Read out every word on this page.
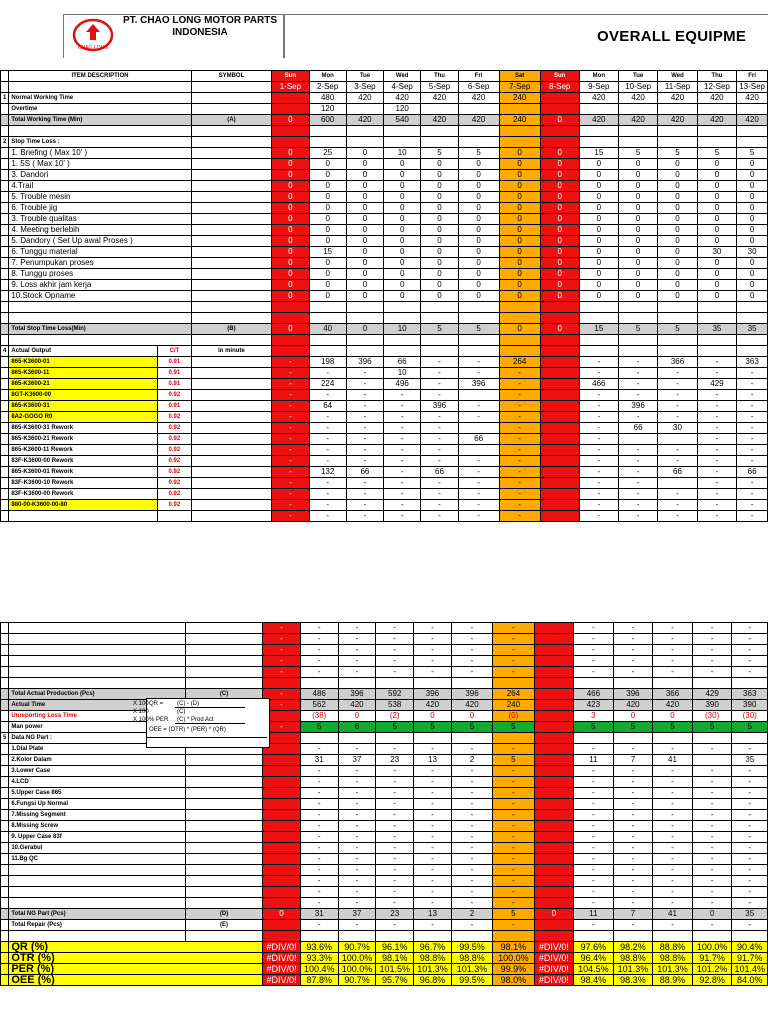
CHAO LONG
PT. CHAO LONG MOTOR PARTS
INDONESIA	OVERALL EQUIPME
	ITEM DESCRIPTION		SYMBOL	Sun	Mon	Tue	Wed	Thu	Fri	Sat	Sun	Mon	Tue	Wed	Thu	Fri
				1-Sep	2-Sep	3-Sep	4-Sep	5-Sep	6-Sep	7-Sep	8-Sep	9-Sep	10-Sep	11-Sep	12-Sep	13-Sep
1	Normal Working Time				480	420	420	420	420	240		420	420	420	420	420
	Overtime				120		120									
	Total Working Time (Min)		(A)	0	600	420	540	420	420	240	0	420	420	420	420	420

2	Stop Time Loss :															
	1. Briefing ( Max 10' )			0	25	0	10	5	5	0	0	15	5	5	5	5
	1. 5S ( Max 10' )			0	0	0	0	0	0	0	0	0	0	0	0	0
	3. Dandori			0	0	0	0	0	0	0	0	0	0	0	0	0
	4.Trail			0	0	0	0	0	0	0	0	0	0	0	0	0
	5. Trouble mesin			0	0	0	0	0	0	0	0	0	0	0	0	0
	6. Trouble jig			0	0	0	0	0	0	0	0	0	0	0	0	0
	3. Trouble qualitas			0	0	0	0	0	0	0	0	0	0	0	0	0
	4. Meeting berlebih			0	0	0	0	0	0	0	0	0	0	0	0	0
	5. Dandory ( Set Up awal Proses )			0	0	0	0	0	0	0	0	0	0	0	0	0
	6. Tunggu material			0	15	0	0	0	0	0	0	0	0	0	30	30
	7. Penumpukan proses			0	0	0	0	0	0	0	0	0	0	0	0	0
	8. Tunggu proses			0	0	0	0	0	0	0	0	0	0	0	0	0
	9. Loss akhir jam kerja			0	0	0	0	0	0	0	0	0	0	0	0	0
	10.Stock Opname			0	0	0	0	0	0	0	0	0	0	0	0	0

	Total Stop Time Loss(Min)		(B)	0	40	0	10	5	5	0	0	15	5	5	35	35

4	Actual Output	C/T	In minute													
	865-K3600-01	0.91		-	198	396	66	-	-	264		-	-	366	-	363
	865-K3600-11	0.91		-	-	-	10	-	-	-		-	-	-	-	-
	865-K3600-21	0.91		-	224	-	496	-	396	-		466	-	-	429	-
	8GT-K3600-00	0.92		-	-	-	-	-		-		-	-	-	-	-
	865-K3600-31	0.91		-	64	-	-	396	-	-		-	396	-	-	-
	8A2-GOGO R0	0.92		-	-	-	-	-	-	-		-	-	-	-	-
	865-K3600-31 Rework	0.92		-	-	-	-	-		-		-	66	30	-	-
	865-K3600-21 Rework	0.92		-	-	-	-	-	66	-		-			-	-
	865-K3600-11 Rework	0.92		-	-	-	-	-		-		-	-	-	-	-
	83F-K3600-00 Rework	0.92		-	-	-	-	-	-	-		-	-	-	-	-
	865-K3600-01 Rework	0.92		-	132	66	-	66	-	-		-	-	66	-	66
	83F-K3600-10 Rework	0.92		-	-	-	-	-	-	-		-	-		-	-
	83F-K3600-00 Rework	0.92		-	-	-	-	-	-	-		-	-	-	-	-
	880-00-K3600-00-80	0.92		-	-	-	-	-	-	-		-	-	-	-	-
				-	-	-	-	-	-	-		-	-	-	-	-
			-	-	-	-	-	-	-		-	-	-	-	-
			-	-	-	-	-	-	-		-	-	-	-	-
			-	-	-	-	-	-	-		-	-	-	-	-
			-	-	-	-	-	-	-		-	-	-	-	-
			-	-	-	-	-	-	-		-	-	-	-	-

	Total Actual Production (Pcs)	(C)	-	486	396	592	396	396	264		466	396	366	429	363
	Actual Time		-	562	420	538	420	420	240		423	420	420	390	390
	Unreporting Loss Time		-	(38)	0	(2)	0	0	(0)		3	0	0	(30)	(30)
	Man power		-	5	6	5	5	5	5		5	5	5	5	5
5	Data NG Part :														
	1.Dial Plate			-	-	-	-	-	-		-	-	-	-	-
	2.Kolor Dalam			31	37	23	13	2	5		11	7	41		35
	3.Lower Case			-	-	-	-	-	-		-	-	-	-	-
	4.LCD			-	-	-	-	-	-		-	-	-	-	-
	5.Upper Case 865			-	-	-	-	-	-		-	-	-	-	-
	6.Fungsi Up Normal			-	-	-	-	-	-		-	-	-	-	-
	7.Missing Segment			-	-	-	-	-	-		-	-	-	-	-
	8.Missing Screw			-	-	-	-	-	-		-	-	-	-	-
	9. Upper Case 83f			-	-	-	-	-	-		-	-	-	-	-
	10.Gerabul			-	-	-	-	-	-		-	-	-	-	-
	11.Bg QC			-	-	-	-	-	-		-	-	-	-	-
				-	-	-	-	-	-		-	-	-	-	-
				-	-	-	-	-	-		-	-	-	-	-
				-	-	-	-	-	-		-	-	-	-	-
				-	-	-	-	-	-		-	-	-	-	-
	Total NG Part (Pcs)	(D)	0	31	37	23	13	2	5	0	11	7	41	0	35
	Total Repair (Pcs)	(E)		-	-	-	-	-	-		-	-	-	-	-

	QR (%)		#DIV/0!	93.6%	90.7%	96.1%	96.7%	99.5%	98.1%	#DIV/0!	97.6%	98.2%	88.8%	100.0%	90.4%
	OTR (%)		#DIV/0!	93.3%	100.0%	98.1%	98.8%	98.8%	100.0%	#DIV/0!	96.4%	98.8%	98.8%	91.7%	91.7%
	PER (%)		#DIV/0!	100.4%	100.0%	101.5%	101.3%	101.3%	99.9%	#DIV/0!	104.5%	101.3%	101.3%	101.2%	101.4%
	OEE (%)		#DIV/0!	87.8%	90.7%	95.7%	96.8%	99.5%	98.0%	#DIV/0!	98.4%	98.3%	88.9%	92.8%	84.0%
X 100 QR = (C) - (D)
X 100	(C)
X 100 % PER (C) * Prod Act
OEE = (OTR) * (PER) * (QR)
